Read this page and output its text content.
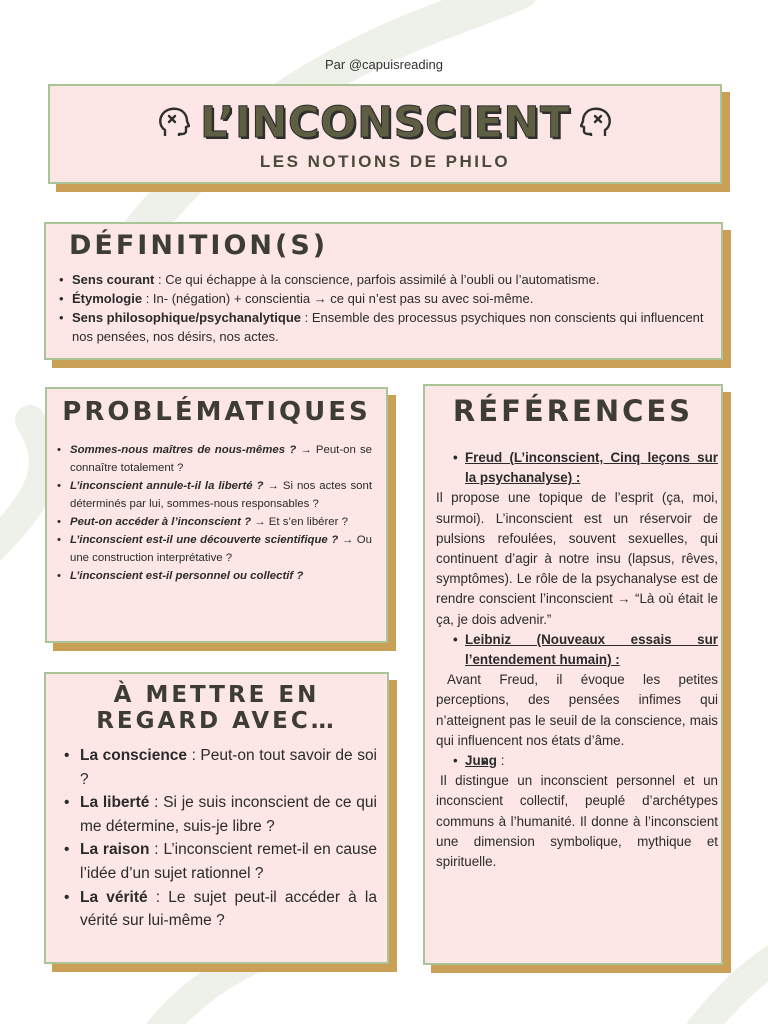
Par @capuisreading
L’INCONSCIENT
LES NOTIONS DE PHILO
DÉFINITION(S)
• Sens courant : Ce qui échappe à la conscience, parfois assimilé à l’oubli ou l’automatisme.
• Étymologie : In- (négation) + conscientia → ce qui n’est pas su avec soi-même.
• Sens philosophique/psychanalytique : Ensemble des processus psychiques non conscients qui influencent nos pensées, nos désirs, nos actes.
PROBLÉMATIQUES
• Sommes-nous maîtres de nous-mêmes ? → Peut-on se connaître totalement ?
• L’inconscient annule-t-il la liberté ? → Si nos actes sont déterminés par lui, sommes-nous responsables ?
• Peut-on accéder à l’inconscient ? → Et s’en libérer ?
• L’inconscient est-il une découverte scientifique ? → Ou une construction interprétative ?
• L’inconscient est-il personnel ou collectif ?
À METTRE EN REGARD AVEC…
• La conscience : Peut-on tout savoir de soi ?
• La liberté : Si je suis inconscient de ce qui me détermine, suis-je libre ?
• La raison : L’inconscient remet-il en cause l’idée d’un sujet rationnel ?
• La vérité : Le sujet peut-il accéder à la vérité sur lui-même ?
RÉFÉRENCES
• Freud (L’inconscient, Cinq leçons sur la psychanalyse) :
Il propose une topique de l’esprit (ça, moi, surmoi). L’inconscient est un réservoir de pulsions refoulées, souvent sexuelles, qui continuent d’agir à notre insu (lapsus, rêves, symptômes). Le rôle de la psychanalyse est de rendre conscient l’inconscient → “Là où était le ça, je dois advenir.”
• Leibniz (Nouveaux essais sur l’entendement humain) :
Avant Freud, il évoque les petites perceptions, des pensées infimes qui n’atteignent pas le seuil de la conscience, mais qui influencent nos états d’âme.
• Jung :
•
Il distingue un inconscient personnel et un inconscient collectif, peuplé d’archétypes communs à l’humanité. Il donne à l’inconscient une dimension symbolique, mythique et spirituelle.
